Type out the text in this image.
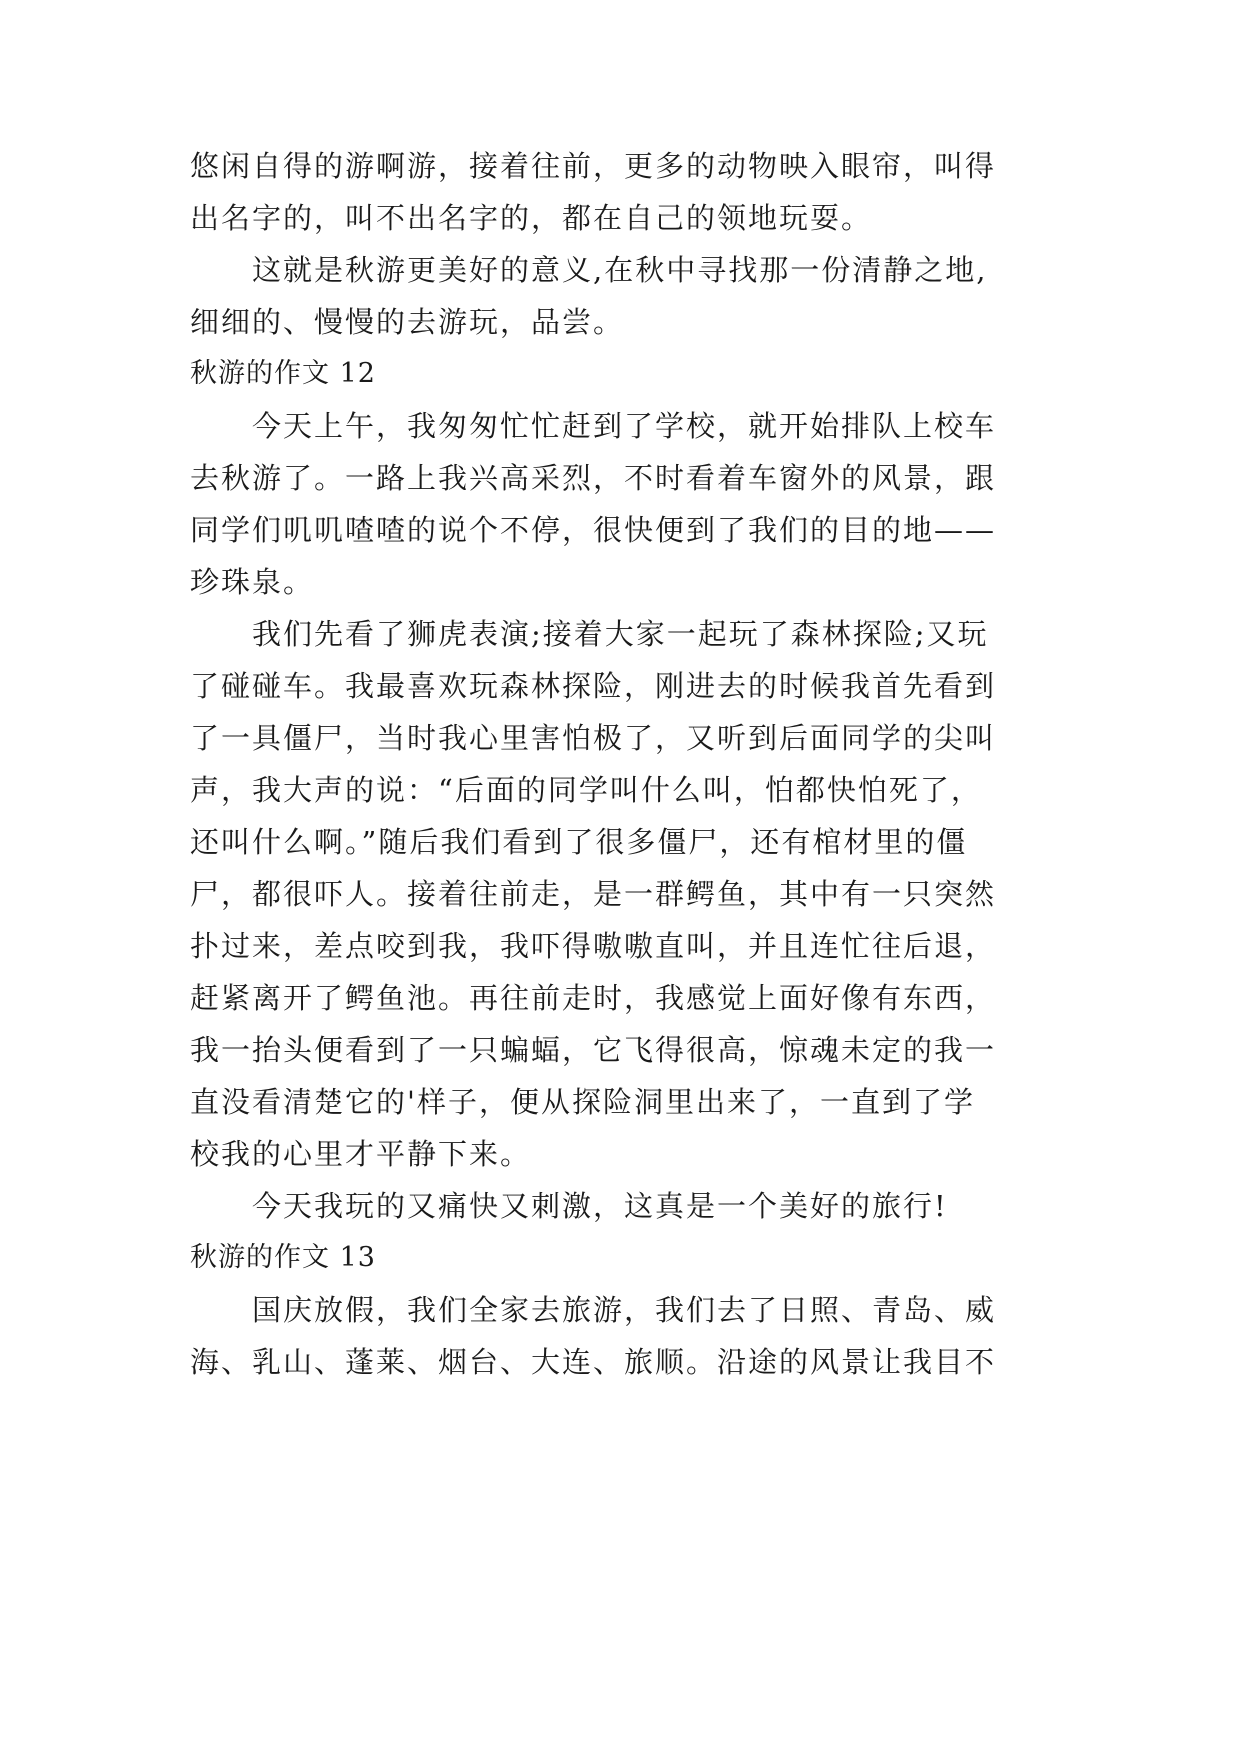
悠闲自得的游啊游，接着往前，更多的动物映入眼帘，叫得
出名字的，叫不出名字的，都在自己的领地玩耍。
　　这就是秋游更美好的意义,在秋中寻找那一份清静之地,
细细的、慢慢的去游玩，品尝。
秋游的作文 12
　　今天上午，我匆匆忙忙赶到了学校，就开始排队上校车
去秋游了。一路上我兴高采烈，不时看着车窗外的风景，跟
同学们叽叽喳喳的说个不停，很快便到了我们的目的地——
珍珠泉。
　　我们先看了狮虎表演;接着大家一起玩了森林探险;又玩
了碰碰车。我最喜欢玩森林探险，刚进去的时候我首先看到
了一具僵尸，当时我心里害怕极了，又听到后面同学的尖叫
声，我大声的说：“后面的同学叫什么叫，怕都快怕死了，
还叫什么啊。”随后我们看到了很多僵尸，还有棺材里的僵
尸，都很吓人。接着往前走，是一群鳄鱼，其中有一只突然
扑过来，差点咬到我，我吓得嗷嗷直叫，并且连忙往后退，
赶紧离开了鳄鱼池。再往前走时，我感觉上面好像有东西，
我一抬头便看到了一只蝙蝠，它飞得很高，惊魂未定的我一
直没看清楚它的'样子，便从探险洞里出来了，一直到了学
校我的心里才平静下来。
　　今天我玩的又痛快又刺激，这真是一个美好的旅行!
秋游的作文 13
　　国庆放假，我们全家去旅游，我们去了日照、青岛、威
海、乳山、蓬莱、烟台、大连、旅顺。沿途的风景让我目不
